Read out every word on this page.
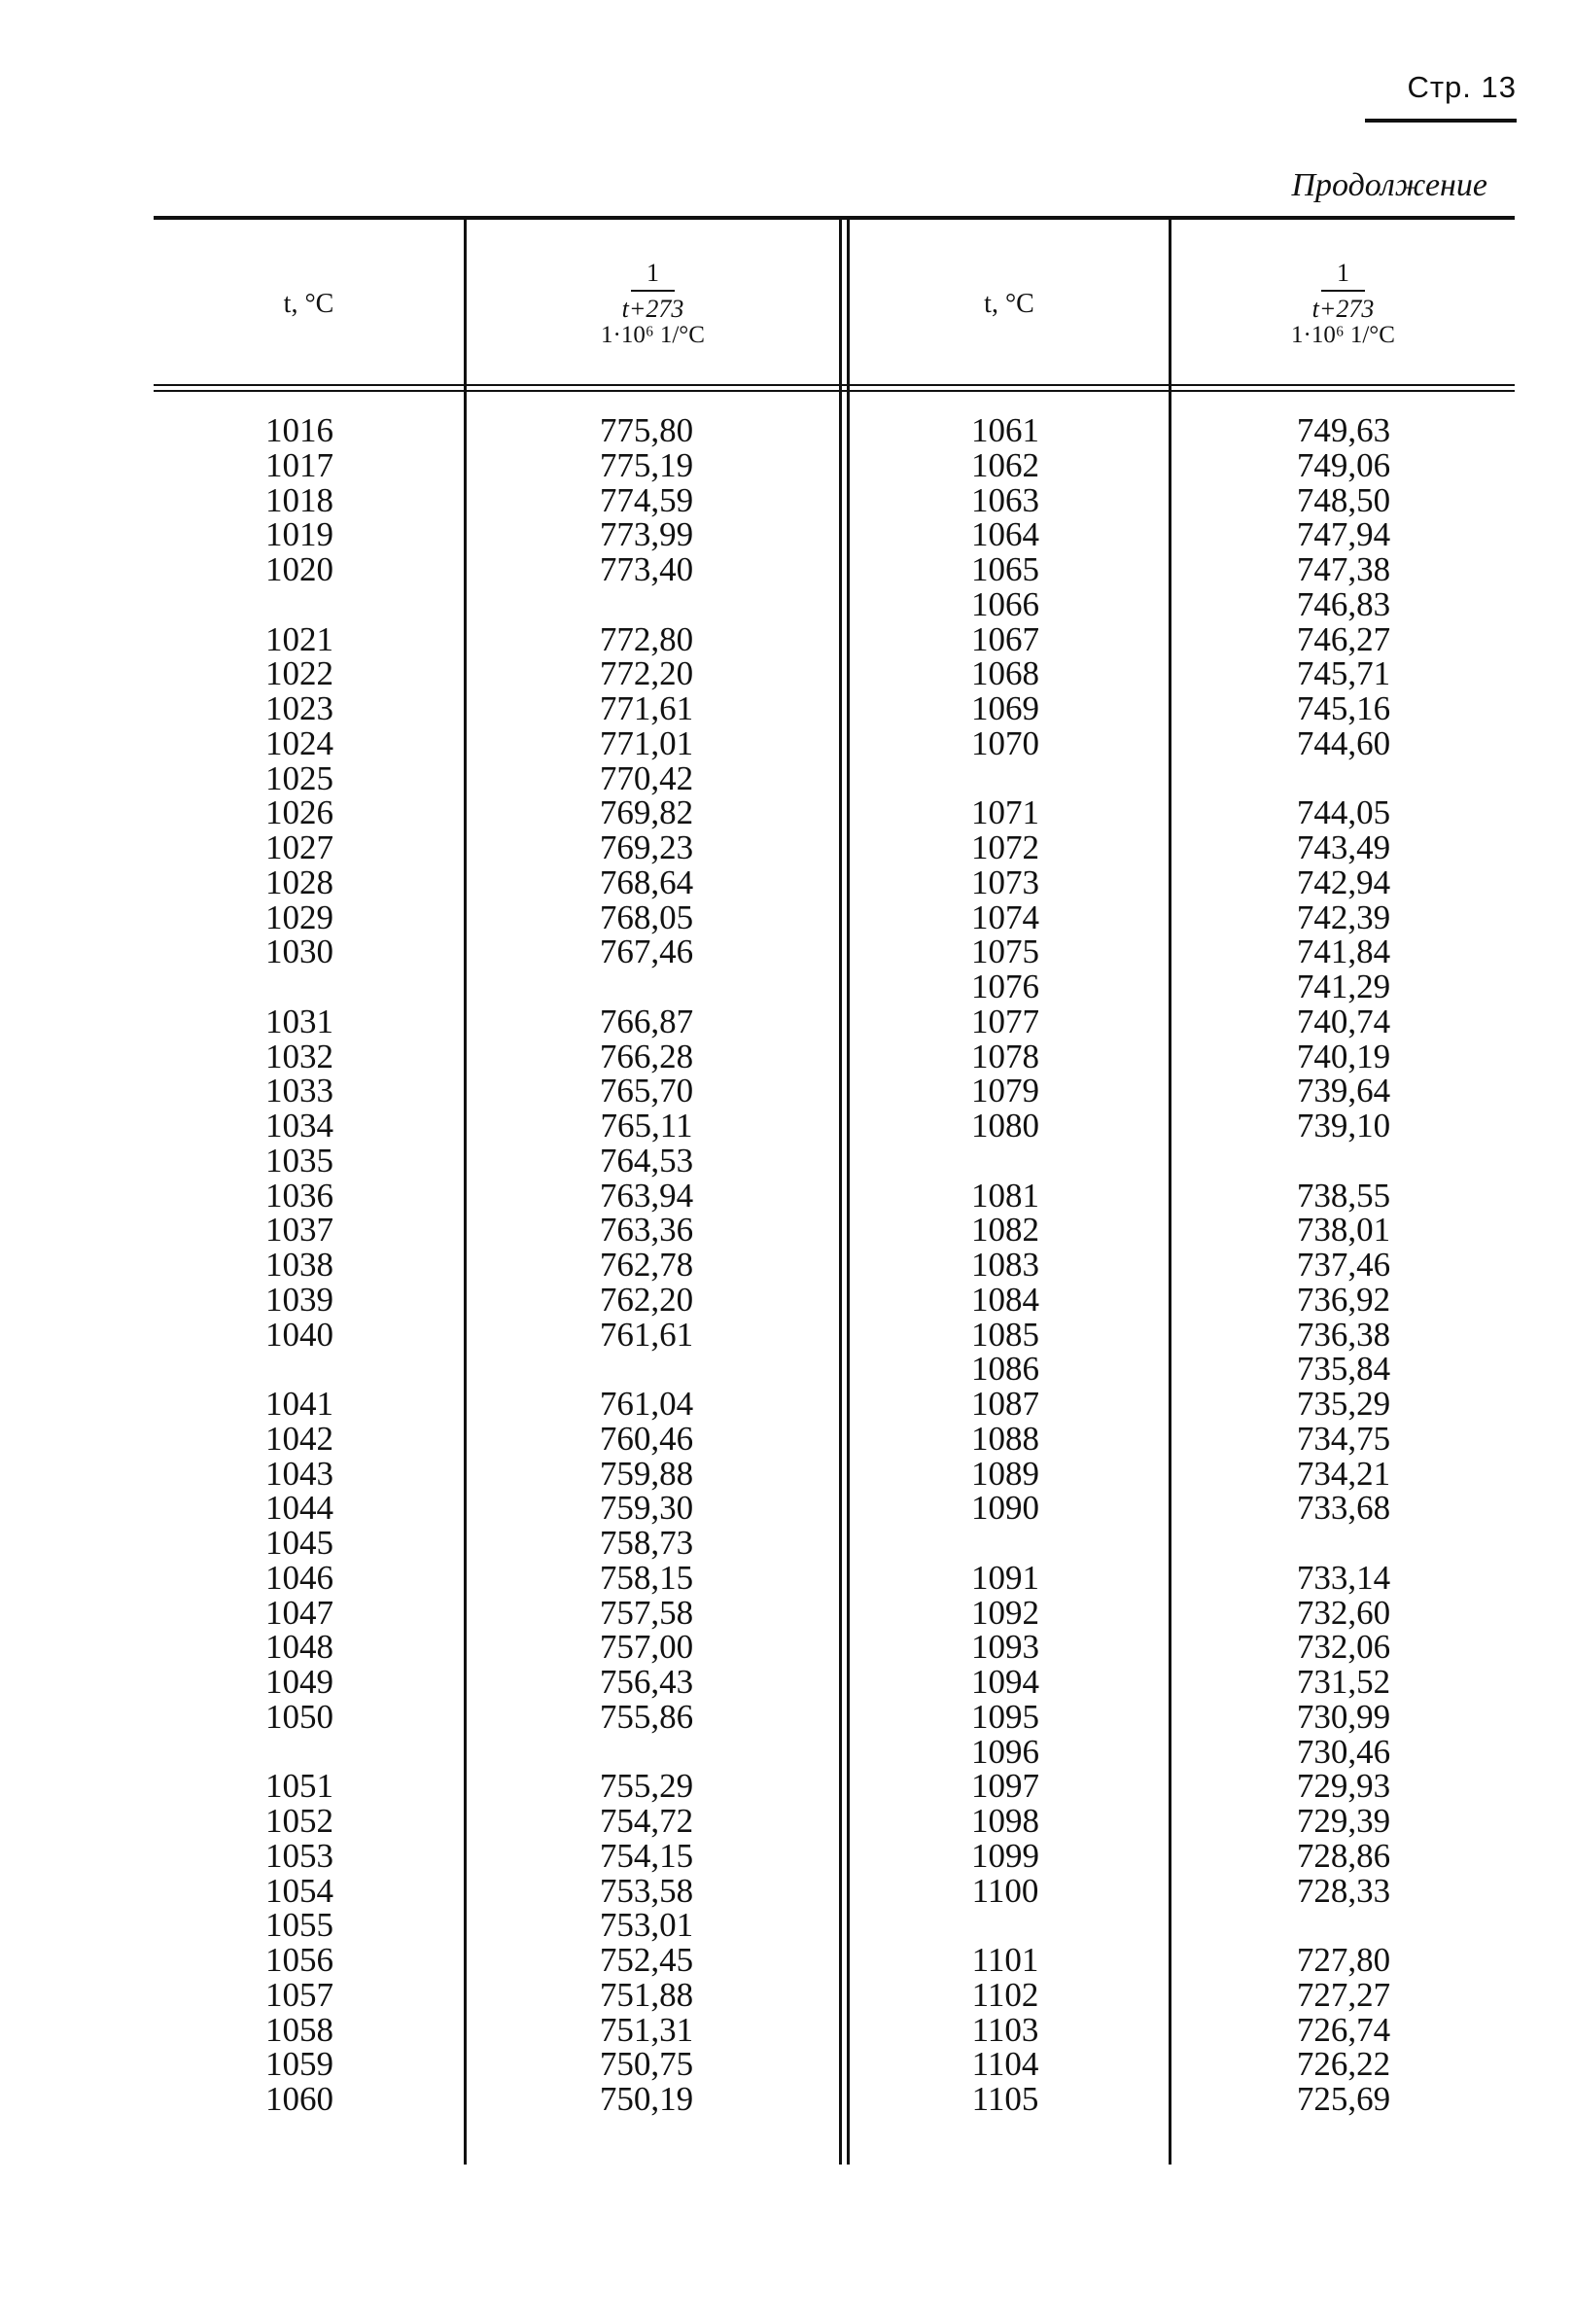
Стр. 13
Продолжение
t, °C
1
t+273
1·10⁶ 1/°C
t, °C
1
t+273
1·10⁶ 1/°C
1016
1017
1018
1019
1020
1021
1022
1023
1024
1025
1026
1027
1028
1029
1030
1031
1032
1033
1034
1035
1036
1037
1038
1039
1040
1041
1042
1043
1044
1045
1046
1047
1048
1049
1050
1051
1052
1053
1054
1055
1056
1057
1058
1059
1060
775,80
775,19
774,59
773,99
773,40
772,80
772,20
771,61
771,01
770,42
769,82
769,23
768,64
768,05
767,46
766,87
766,28
765,70
765,11
764,53
763,94
763,36
762,78
762,20
761,61
761,04
760,46
759,88
759,30
758,73
758,15
757,58
757,00
756,43
755,86
755,29
754,72
754,15
753,58
753,01
752,45
751,88
751,31
750,75
750,19
1061
1062
1063
1064
1065
1066
1067
1068
1069
1070
1071
1072
1073
1074
1075
1076
1077
1078
1079
1080
1081
1082
1083
1084
1085
1086
1087
1088
1089
1090
1091
1092
1093
1094
1095
1096
1097
1098
1099
1100
1101
1102
1103
1104
1105
749,63
749,06
748,50
747,94
747,38
746,83
746,27
745,71
745,16
744,60
744,05
743,49
742,94
742,39
741,84
741,29
740,74
740,19
739,64
739,10
738,55
738,01
737,46
736,92
736,38
735,84
735,29
734,75
734,21
733,68
733,14
732,60
732,06
731,52
730,99
730,46
729,93
729,39
728,86
728,33
727,80
727,27
726,74
726,22
725,69
